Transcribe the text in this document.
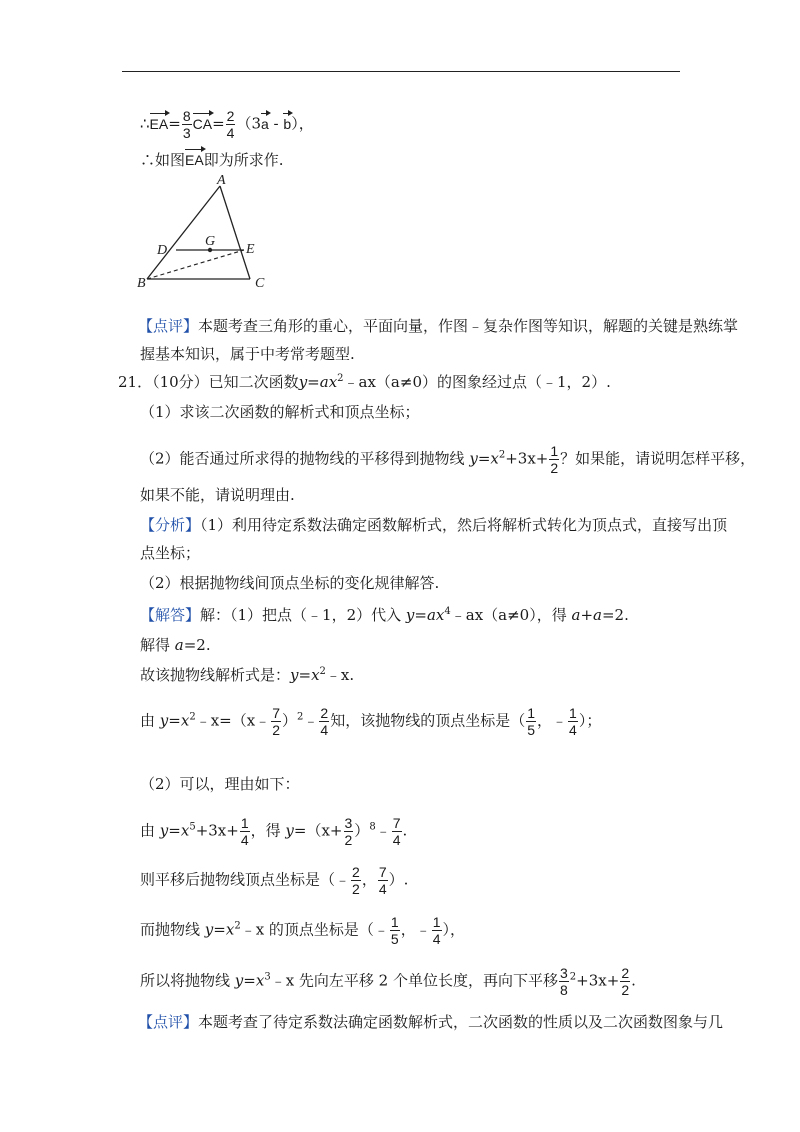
∴EA= $\frac{8}{3} CA= \frac{2}{4} (3a - b)$，
∴如图EA即为所求作.
A
D
G
E
B	C
【点评】本题考查三角形的重心，平面向量，作图﹣复杂作图等知识，解题的关键是熟练掌
握基本知识，属于中考常考题型.
21．（10分）已知二次函数$y=ax^2﹣ax(a\ne 0)$的图象经过点（﹣1，2）.
（1）求该二次函数的解析式和顶点坐标；
（2）能否通过所求得的抛物线的平移得到抛物线 $y=x^2+3x+ \frac{1}{2}$ ？如果能，请说明怎样平移，
如果不能，请说明理由.
【分析】（1）利用待定系数法确定函数解析式，然后将解析式转化为顶点式，直接写出顶
点坐标；
（2）根据抛物线间顶点坐标的变化规律解答.
【解答】解：（1）把点（﹣1，2）代入 $y=ax^4﹣ax(a\ne 0)$，得 a+a=2.
解得 a=2.
故该抛物线解析式是：$y=x^2﹣x$.
由 $y=x^2﹣x=(x﹣ \frac{7}{2}$ ）$^2$﹣ $\frac{2}{4}$ 知，该抛物线的顶点坐标是（ $\frac{1}{5}$ ，﹣ $\frac{1}{4}$ ）；
（2）可以，理由如下：
由 $y=x^5+3x+ \frac{1}{4}$ ，得 $y=(x+ \frac{3}{2}$ ）$^8﹣ \frac{7}{4}$ .
则平移后抛物线顶点坐标是（﹣ $\frac{2}{2}$ ， $\frac{7}{4}$ ）.
而抛物线 $y=x^2﹣x$ 的顶点坐标是（﹣ $\frac{1}{5}$ ，﹣ $\frac{1}{4}$ ），
所以将抛物线 $y=x^3﹣x$ 先向左平移 2 个单位长度，再向下平移 $\frac{3}{8} ^2+3x+ \frac{2}{2}$ .
【点评】本题考查了待定系数法确定函数解析式，二次函数的性质以及二次函数图象与几
